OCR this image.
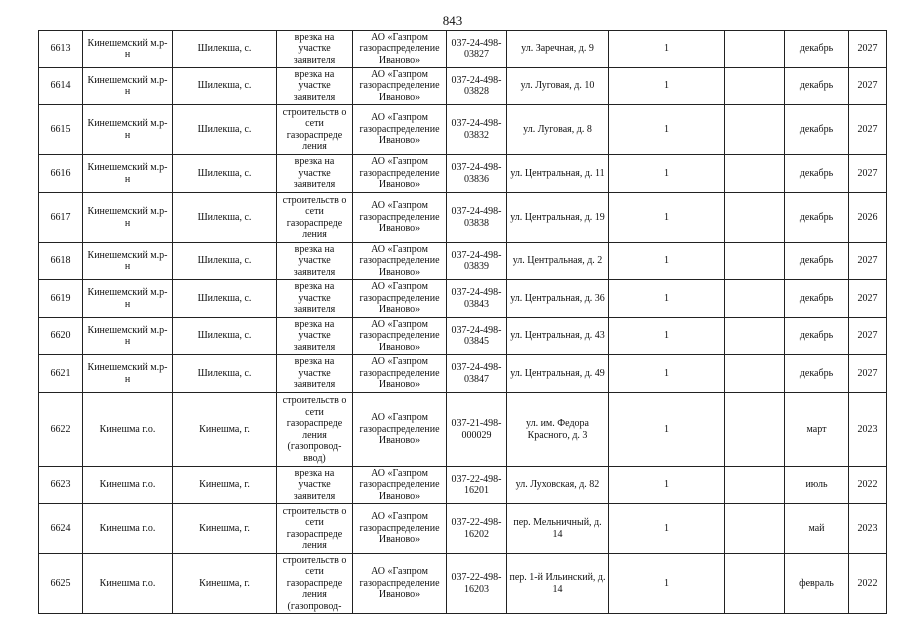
843
6613	Кинешемский м.р-н	Шилекша, с.	врезка на участке заявителя	АО «Газпром газораспределение Иваново»	037-24-498-03827	ул. Заречная, д. 9	1		декабрь	2027
6614	Кинешемский м.р-н	Шилекша, с.	врезка на участке заявителя	АО «Газпром газораспределение Иваново»	037-24-498-03828	ул. Луговая, д. 10	1		декабрь	2027
6615	Кинешемский м.р-н	Шилекша, с.	строительств о сети газораспреде ления	АО «Газпром газораспределение Иваново»	037-24-498-03832	ул. Луговая, д. 8	1		декабрь	2027
6616	Кинешемский м.р-н	Шилекша, с.	врезка на участке заявителя	АО «Газпром газораспределение Иваново»	037-24-498-03836	ул. Центральная, д. 11	1		декабрь	2027
6617	Кинешемский м.р-н	Шилекша, с.	строительств о сети газораспреде ления	АО «Газпром газораспределение Иваново»	037-24-498-03838	ул. Центральная, д. 19	1		декабрь	2026
6618	Кинешемский м.р-н	Шилекша, с.	врезка на участке заявителя	АО «Газпром газораспределение Иваново»	037-24-498-03839	ул. Центральная, д. 2	1		декабрь	2027
6619	Кинешемский м.р-н	Шилекша, с.	врезка на участке заявителя	АО «Газпром газораспределение Иваново»	037-24-498-03843	ул. Центральная, д. 36	1		декабрь	2027
6620	Кинешемский м.р-н	Шилекша, с.	врезка на участке заявителя	АО «Газпром газораспределение Иваново»	037-24-498-03845	ул. Центральная, д. 43	1		декабрь	2027
6621	Кинешемский м.р-н	Шилекша, с.	врезка на участке заявителя	АО «Газпром газораспределение Иваново»	037-24-498-03847	ул. Центральная, д. 49	1		декабрь	2027
6622	Кинешма г.о.	Кинешма, г.	строительств о сети газораспреде ления (газопровод-ввод)	АО «Газпром газораспределение Иваново»	037-21-498-000029	ул. им. Федора Красного, д. 3	1		март	2023
6623	Кинешма г.о.	Кинешма, г.	врезка на участке заявителя	АО «Газпром газораспределение Иваново»	037-22-498-16201	ул. Луховская, д. 82	1		июль	2022
6624	Кинешма г.о.	Кинешма, г.	строительств о сети газораспреде ления	АО «Газпром газораспределение Иваново»	037-22-498-16202	пер. Мельничный, д. 14	1		май	2023
6625	Кинешма г.о.	Кинешма, г.	строительств о сети газораспреде ления (газопровод-	АО «Газпром газораспределение Иваново»	037-22-498-16203	пер. 1-й Ильинский, д. 14	1		февраль	2022
